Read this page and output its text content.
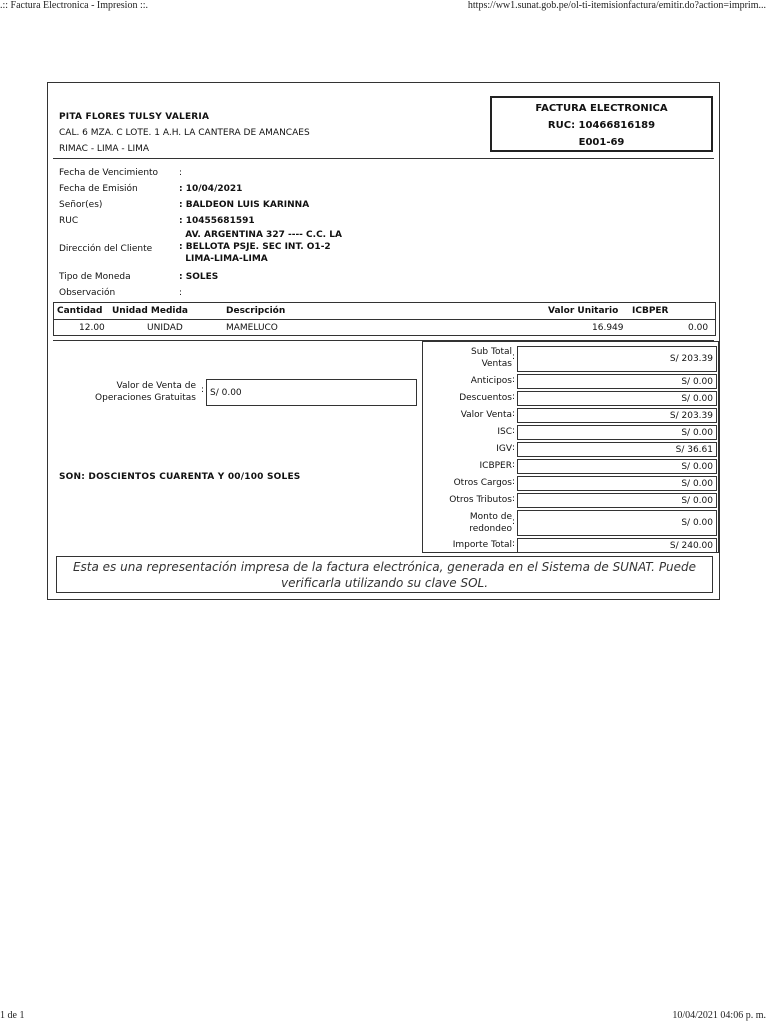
.:: Factura Electronica - Impresion ::.	https://ww1.sunat.gob.pe/ol-ti-itemisionfactura/emitir.do?action=imprim...
PITA FLORES TULSY VALERIA
CAL. 6 MZA. C LOTE. 1 A.H. LA CANTERA DE AMANCAES
RIMAC - LIMA - LIMA
FACTURA ELECTRONICA
RUC: 10466816189
E001-69
Fecha de Vencimiento	:
Fecha de Emisión	: 10/04/2021
Señor(es)	: BALDEON LUIS KARINNA
RUC	: 10455681591
Dirección del Cliente
AV. ARGENTINA 327 ---- C.C. LA
: BELLOTA PSJE. SEC INT. O1-2
LIMA-LIMA-LIMA
Tipo de Moneda	: SOLES
Observación	:
Cantidad Unidad Medida	Descripción	Valor Unitario ICBPER
12.00	UNIDAD	MAMELUCO	16.949	0.00
Valor de Venta de
Operaciones Gratuitas
: S/ 0.00
SON: DOSCIENTOS CUARENTA Y 00/100 SOLES
Sub Total
Ventas
:	S/ 203.39
Anticipos :	S/ 0.00
Descuentos :	S/ 0.00
Valor Venta :	S/ 203.39
ISC :	S/ 0.00
IGV :	S/ 36.61
ICBPER :	S/ 0.00
Otros Cargos :	S/ 0.00
Otros Tributos :	S/ 0.00
Monto de
redondeo
:	S/ 0.00
Importe Total :	S/ 240.00
Esta es una representación impresa de la factura electrónica, generada en el Sistema de SUNAT. Puede verificarla utilizando su clave SOL.
1 de 1	10/04/2021 04:06 p. m.
